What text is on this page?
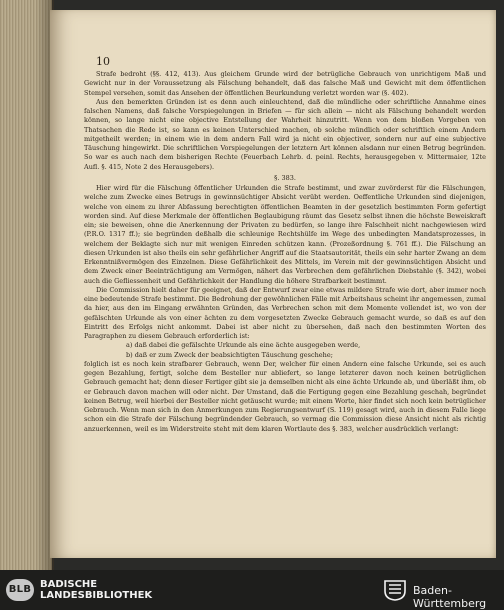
10

Strafe bedroht (§§. 412, 413). Aus gleichem Grunde wird der betrügliche Gebrauch von unrichtigem Maß und Gewicht nur in der Voraussetzung als Fälschung behandelt, daß das falsche Maß und Gewicht mit dem öffentlichen Stempel versehen, somit das Ansehen der öffentlichen Beurkundung verletzt worden war (§. 402).

Aus den bemerkten Gründen ist es denn auch einleuchtend, daß die mündliche oder schriftliche Annahme eines falschen Namens, daß falsche Vorspiegelungen in Briefen — für sich allein — nicht als Fälschung behandelt werden können, so lange nicht eine objective Entstellung der Wahrheit hinzutritt. Wenn von dem bloßen Vorgeben von Thatsachen die Rede ist, so kann es keinen Unterschied machen, ob solche mündlich oder schriftlich einem Andern mitgetheilt werden; in einem wie in dem andern Fall wird ja nicht ein objectiver, sondern nur auf eine subjective Täuschung hingewirkt. Die schriftlichen Vorspiegelungen der letztern Art können alsdann nur einen Betrug begründen. So war es auch nach dem bisherigen Rechte (Feuerbach Lehrb. d. peinl. Rechts, herausgegeben v. Mittermaier, 12te Aufl. §. 415, Note 2 des Herausgebers).

§. 383.

Hier wird für die Fälschung öffentlicher Urkunden die Strafe bestimmt, und zwar zuvörderst für die Fälschungen, welche zum Zwecke eines Betrugs in gewinnsüchtiger Absicht verübt werden. Oeffentliche Urkunden sind diejenigen, welche von einem zu ihrer Abfassung berechtigten öffentlichen Beamten in der gesetzlich bestimmten Form gefertigt worden sind. Auf diese Merkmale der öffentlichen Beglaubigung räumt das Gesetz selbst ihnen die höchste Beweiskraft ein; sie beweisen, ohne die Anerkennung der Privaten zu bedürfen, so lange ihre Falschheit nicht nachgewiesen wird (P.R.O. 1317 ff.); sie begründen deßhalb die schleunige Rechtshülfe im Wege des unbedingten Mandatsprozesses, in welchem der Beklagte sich nur mit wenigen Einreden schützen kann. (Prozeßordnung §. 761 ff.). Die Fälschung an diesen Urkunden ist also theils ein sehr gefährlicher Angriff auf die Staatsautorität, theils ein sehr harter Zwang an dem Erkenntnißvermögen des Einzelnen. Diese Gefährlichkeit des Mittels, im Verein mit der gewinnsüchtigen Absicht und dem Zweck einer Beeinträchtigung am Vermögen, nähert das Verbrechen dem gefährlichen Diebstahle (§. 342), wobei auch die Gefliessenheit und Gefährlichkeit der Handlung die höhere Strafbarkeit bestimmt.

Die Commission hielt daher für geeignet, daß der Entwurf zwar eine etwas mildere Strafe wie dort, aber immer noch eine bedeutende Strafe bestimmt. Die Bedrohung der gewöhnlichen Fälle mit Arbeitshaus scheint ihr angemessen, zumal da hier, aus den im Eingang erwähnten Gründen, das Verbrechen schon mit dem Momente vollendet ist, wo von der gefälschten Urkunde als von einer ächten zu dem vorgesetzten Zwecke Gebrauch gemacht wurde, so daß es auf den Eintritt des Erfolgs nicht ankommt. Dabei ist aber nicht zu übersehen, daß nach den bestimmten Worten des Paragraphen zu diesem Gebrauch erforderlich ist:

a) daß dabei die gefälschte Urkunde als eine ächte ausgegeben werde,

b) daß er zum Zweck der beabsichtigten Täuschung geschehe;

folglich ist es noch kein strafbarer Gebrauch, wenn Der, welcher für einen Andern eine falsche Urkunde, sei es auch gegen Bezahlung, fertigt, solche dem Besteller nur abliefert, so lange letzterer davon noch keinen betrüglichen Gebrauch gemacht hat; denn dieser Fertiger gibt sie ja demselben nicht als eine ächte Urkunde ab, und überläßt ihm, ob er Gebrauch davon machen will oder nicht. Der Umstand, daß die Fertigung gegen eine Bezahlung geschah, begründet keinen Betrug, weil hierbei der Besteller nicht getäuscht wurde; mit einem Worte, hier findet sich noch kein betrüglicher Gebrauch. Wenn man sich in den Anmerkungen zum Regierungsentwurf (S. 119) gesagt wird, auch in diesem Falle liege schon ein die Strafe der Fälschung begründender Gebrauch, so vermag die Commission diese Ansicht nicht als richtig anzuerkennen, weil es im Widerstreite steht mit dem klaren Wortlaute des §. 383, welcher ausdrücklich verlangt:

BLB BADISCHE
LANDESBIBLIOTHEK	Baden-Württemberg
